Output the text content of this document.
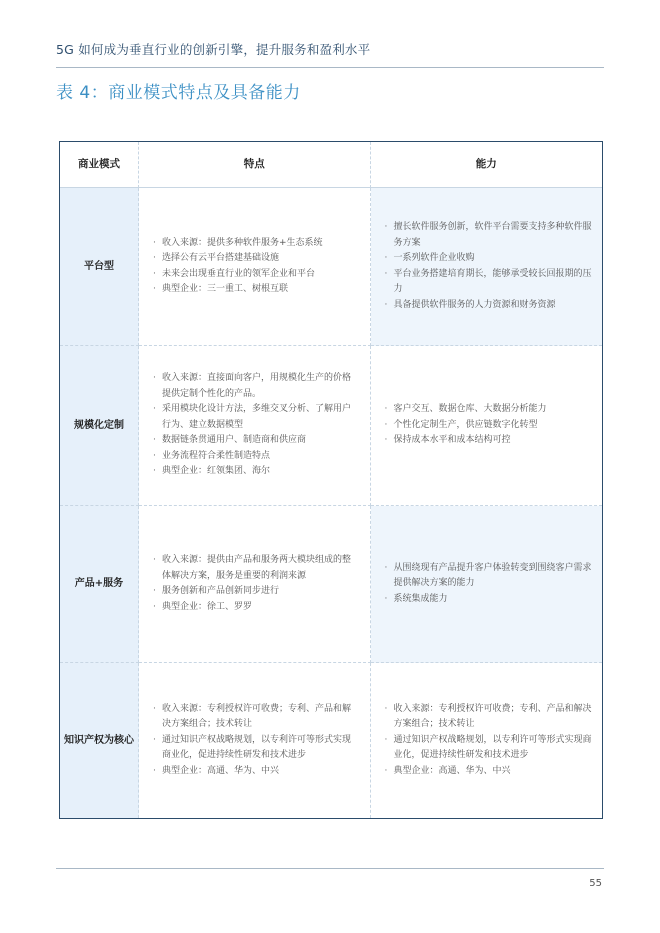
5G 如何成为垂直行业的创新引擎，提升服务和盈利水平
表 4：商业模式特点及具备能力
商业模式	特点	能力
平台型
· 收入来源：提供多种软件服务+生态系统
· 选择公有云平台搭建基础设施
· 未来会出现垂直行业的领军企业和平台
· 典型企业：三一重工、树根互联
· 擅长软件服务创新，软件平台需要支持多种软件服务方案
· 一系列软件企业收购
· 平台业务搭建培育期长，能够承受较长回报期的压力
· 具备提供软件服务的人力资源和财务资源
规模化定制
· 收入来源：直接面向客户，用规模化生产的价格提供定制个性化的产品。
· 采用模块化设计方法，多维交叉分析、了解用户行为、建立数据模型
· 数据链条贯通用户、制造商和供应商
· 业务流程符合柔性制造特点
· 典型企业：红领集团、海尔
· 客户交互、数据仓库、大数据分析能力
· 个性化定制生产，供应链数字化转型
· 保持成本水平和成本结构可控
产品+服务
· 收入来源：提供由产品和服务两大模块组成的整体解决方案，服务是重要的利润来源
· 服务创新和产品创新同步进行
· 典型企业：徐工、罗罗
· 从围绕现有产品提升客户体验转变到围绕客户需求提供解决方案的能力
· 系统集成能力
知识产权为核心
· 收入来源：专利授权许可收费；专利、产品和解决方案组合；技术转让
· 通过知识产权战略规划，以专利许可等形式实现商业化，促进持续性研发和技术进步
· 典型企业：高通、华为、中兴
· 收入来源：专利授权许可收费；专利、产品和解决方案组合；技术转让
· 通过知识产权战略规划，以专利许可等形式实现商业化，促进持续性研发和技术进步
· 典型企业：高通、华为、中兴
55
